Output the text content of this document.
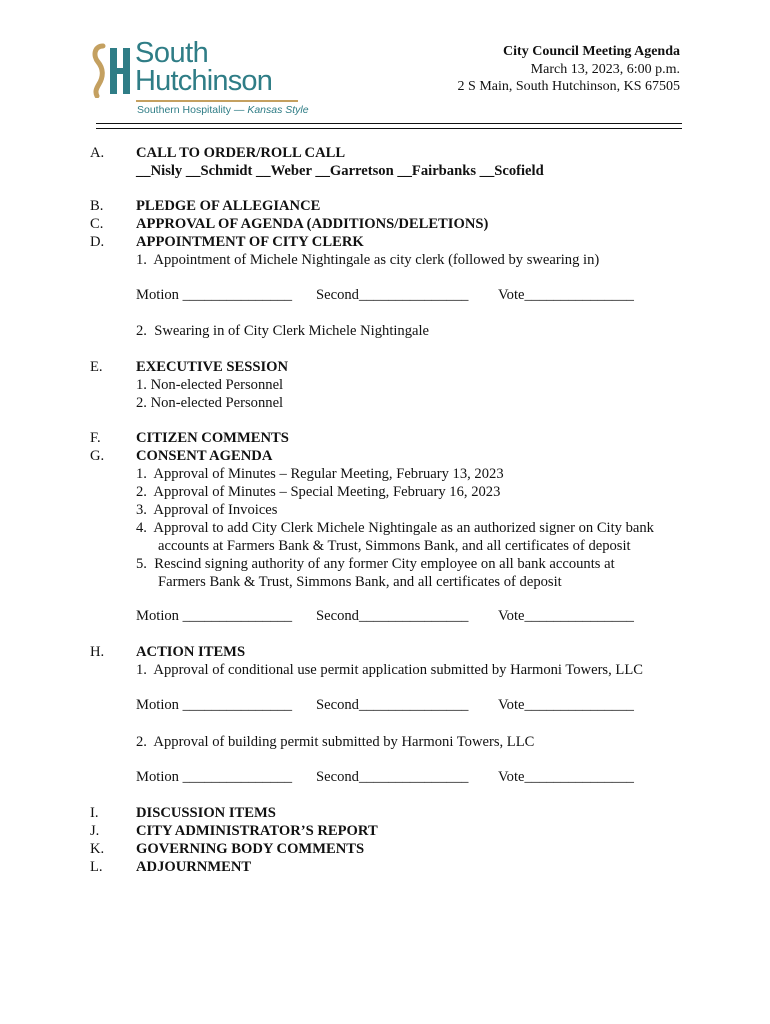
South
Hutchinson
Southern Hospitality — Kansas Style
City Council Meeting Agenda
March 13, 2023, 6:00 p.m.
2 S Main, South Hutchinson, KS 67505
A. CALL TO ORDER/ROLL CALL
__Nisly __Schmidt __Weber __Garretson __Fairbanks __Scofield
B. PLEDGE OF ALLEGIANCE
C. APPROVAL OF AGENDA (ADDITIONS/DELETIONS)
D. APPOINTMENT OF CITY CLERK
1.  Appointment of Michele Nightingale as city clerk (followed by swearing in)
Motion _______________ Second_______________ Vote_______________
2.  Swearing in of City Clerk Michele Nightingale
E. EXECUTIVE SESSION
1. Non-elected Personnel
2. Non-elected Personnel
F. CITIZEN COMMENTS
G. CONSENT AGENDA
1.  Approval of Minutes – Regular Meeting, February 13, 2023
2.  Approval of Minutes – Special Meeting, February 16, 2023
3.  Approval of Invoices
4.  Approval to add City Clerk Michele Nightingale as an authorized signer on City bank
accounts at Farmers Bank & Trust, Simmons Bank, and all certificates of deposit
5.  Rescind signing authority of any former City employee on all bank accounts at
Farmers Bank & Trust, Simmons Bank, and all certificates of deposit
Motion _______________ Second_______________ Vote_______________
H. ACTION ITEMS
1.  Approval of conditional use permit application submitted by Harmoni Towers, LLC
Motion _______________ Second_______________ Vote_______________
2.  Approval of building permit submitted by Harmoni Towers, LLC
Motion _______________ Second_______________ Vote_______________
I.	DISCUSSION ITEMS
J.	CITY ADMINISTRATOR’S REPORT
K. GOVERNING BODY COMMENTS
L. ADJOURNMENT
